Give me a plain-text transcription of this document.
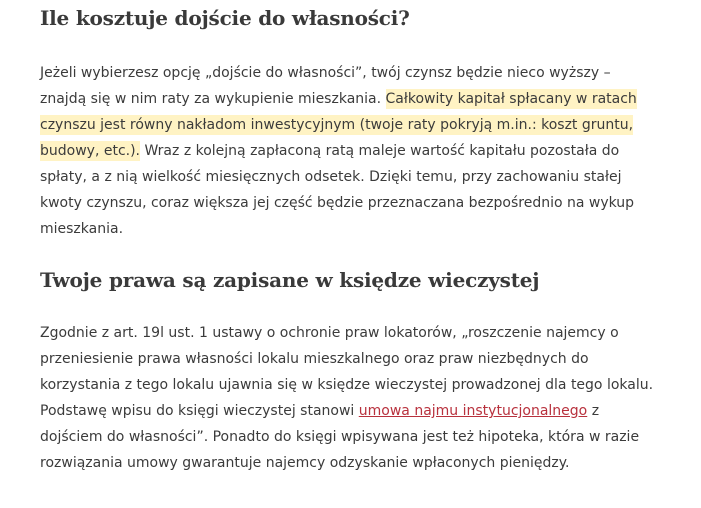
Ile kosztuje dojście do własności?

Jeżeli wybierzesz opcję „dojście do własności”, twój czynsz będzie nieco wyższy – znajdą się w nim raty za wykupienie mieszkania. Całkowity kapitał spłacany w ratach czynszu jest równy nakładom inwestycyjnym (twoje raty pokryją m.in.: koszt gruntu, budowy, etc.). Wraz z kolejną zapłaconą ratą maleje wartość kapitału pozostała do spłaty, a z nią wielkość miesięcznych odsetek. Dzięki temu, przy zachowaniu stałej kwoty czynszu, coraz większa jej część będzie przeznaczana bezpośrednio na wykup mieszkania.

Twoje prawa są zapisane w księdze wieczystej

Zgodnie z art. 19l ust. 1 ustawy o ochronie praw lokatorów, „roszczenie najemcy o przeniesienie prawa własności lokalu mieszkalnego oraz praw niezbędnych do korzystania z tego lokalu ujawnia się w księdze wieczystej prowadzonej dla tego lokalu. Podstawę wpisu do księgi wieczystej stanowi umowa najmu instytucjonalnego z dojściem do własności”. Ponadto do księgi wpisywana jest też hipoteka, która w razie rozwiązania umowy gwarantuje najemcy odzyskanie wpłaconych pieniędzy.
